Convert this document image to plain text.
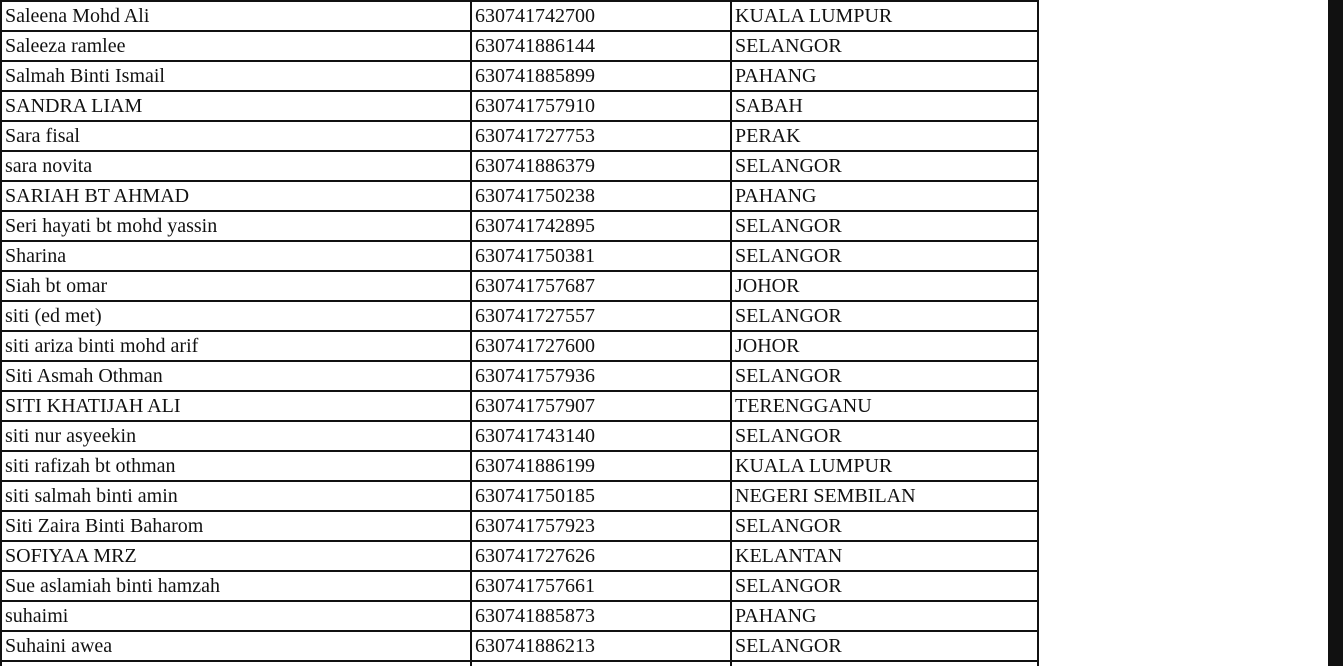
Saleena Mohd Ali	630741742700	KUALA LUMPUR
Saleeza ramlee	630741886144	SELANGOR
Salmah Binti Ismail	630741885899	PAHANG
SANDRA LIAM	630741757910	SABAH
Sara fisal	630741727753	PERAK
sara novita	630741886379	SELANGOR
SARIAH BT AHMAD	630741750238	PAHANG
Seri hayati bt mohd yassin	630741742895	SELANGOR
Sharina	630741750381	SELANGOR
Siah bt omar	630741757687	JOHOR
siti (ed met)	630741727557	SELANGOR
siti ariza binti mohd arif	630741727600	JOHOR
Siti Asmah Othman	630741757936	SELANGOR
SITI KHATIJAH ALI	630741757907	TERENGGANU
siti nur asyeekin	630741743140	SELANGOR
siti rafizah bt othman	630741886199	KUALA LUMPUR
siti salmah binti amin	630741750185	NEGERI SEMBILAN
Siti Zaira Binti Baharom	630741757923	SELANGOR
SOFIYAA MRZ	630741727626	KELANTAN
Sue aslamiah binti hamzah	630741757661	SELANGOR
suhaimi	630741885873	PAHANG
Suhaini awea	630741886213	SELANGOR
